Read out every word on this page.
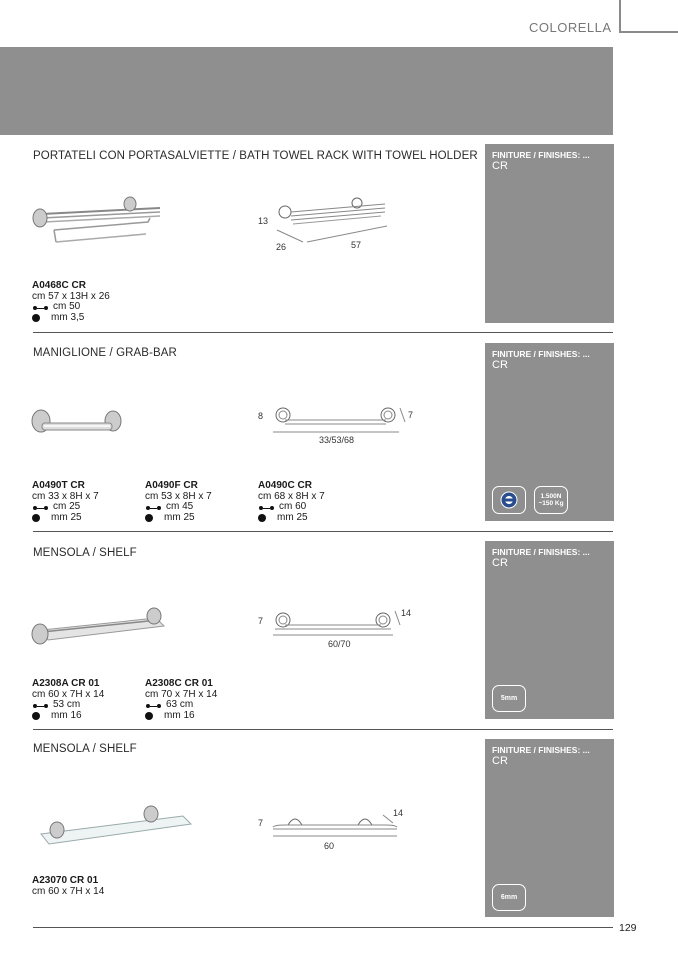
COLORELLA
PORTATELI CON PORTASALVIETTE / BATH TOWEL RACK WITH TOWEL HOLDER FINITURE / FINISHES: ...
CR
13
26	57
A0468C CR
cm 57 x 13H x 26
cm 50
mm 3,5
MANIGLIONE / GRAB-BAR	FINITURE / FINISHES: ...
CR
1.500N ~150 Kg
8	7
33/53/68
A0490T CR
cm 33 x 8H x 7
cm 25
mm 25
A0490F CR
cm 53 x 8H x 7
cm 45
mm 25
A0490C CR
cm 68 x 8H x 7
cm 60
mm 25
MENSOLA / SHELF	FINITURE / FINISHES: ...
CR
5mm
7
14
60/70
A2308A CR 01
cm 60 x 7H x 14
53 cm
mm 16
A2308C CR 01
cm 70 x 7H x 14
63 cm
mm 16
MENSOLA / SHELF	FINITURE / FINISHES: ...
CR
6mm
7
14
60
A23070 CR 01
cm 60 x 7H x 14
129
